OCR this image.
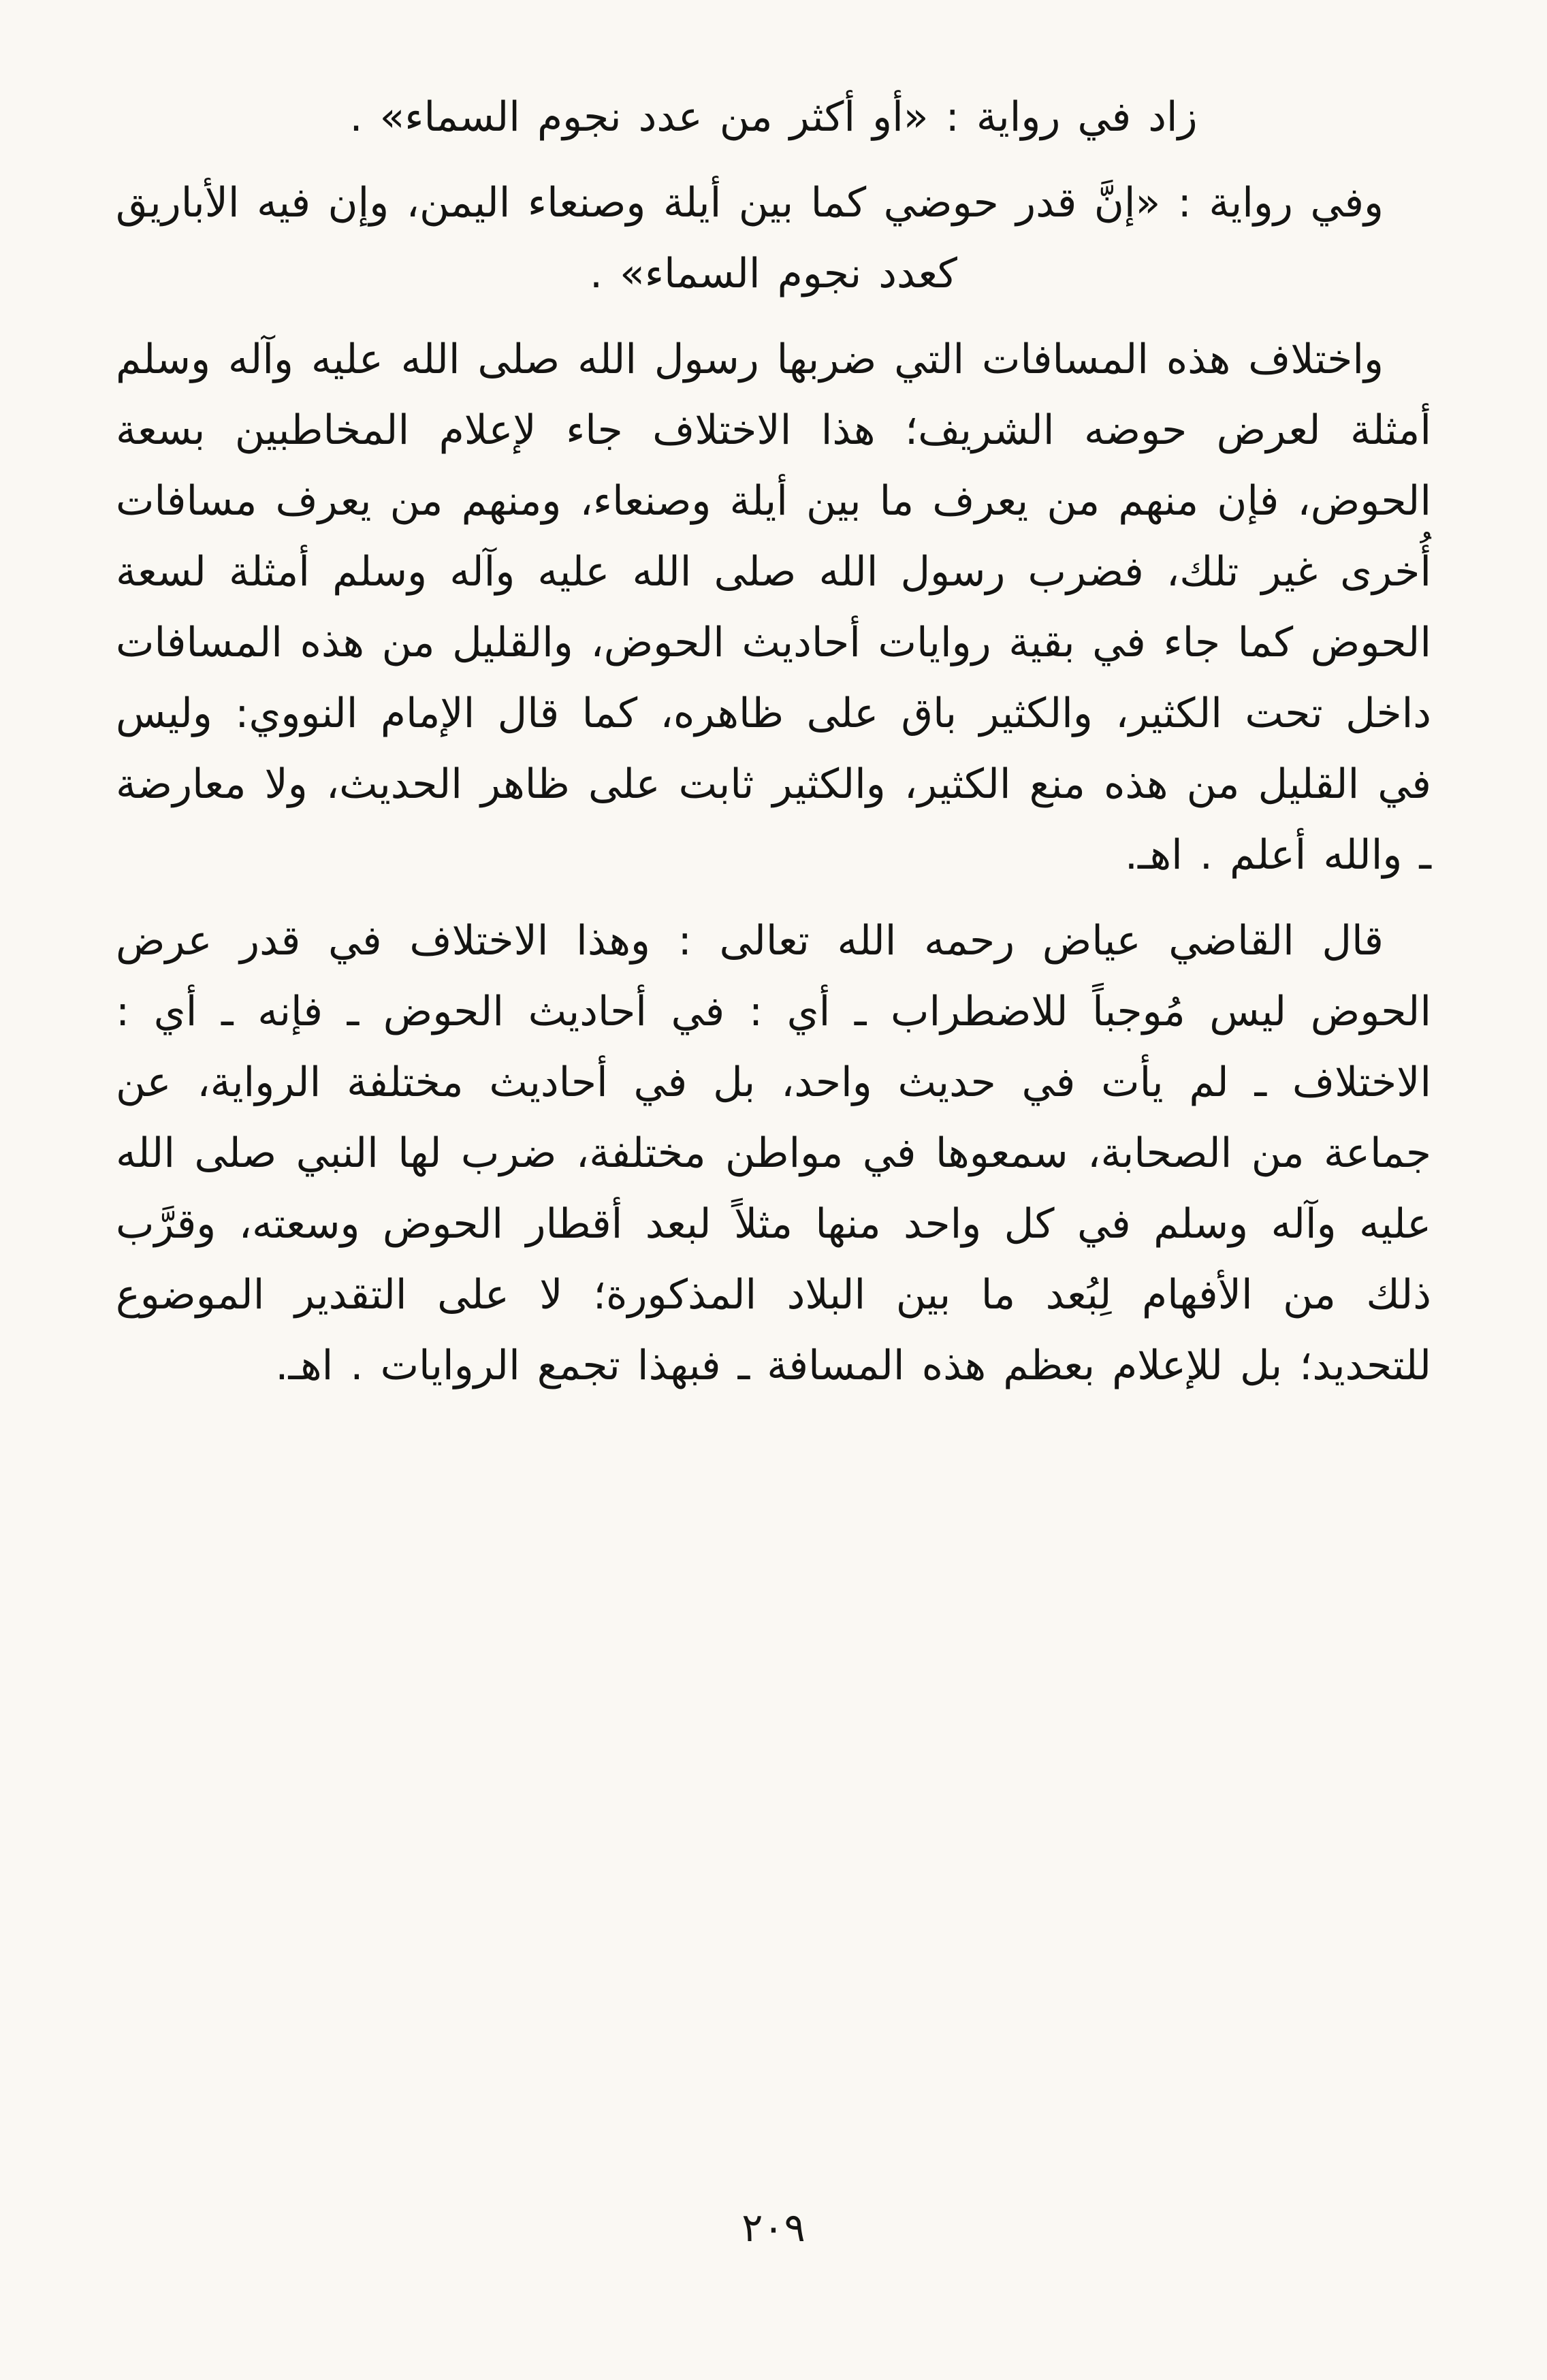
زاد في رواية : «أو أكثر من عدد نجوم السماء» .

وفي رواية : «إنَّ قدر حوضي كما بين أيلة وصنعاء اليمن، وإن فيه الأباريق كعدد نجوم السماء» .

واختلاف هذه المسافات التي ضربها رسول الله صلى الله عليه وآله وسلم أمثلة لعرض حوضه الشريف؛ هذا الاختلاف جاء لإعلام المخاطبين بسعة الحوض، فإن منهم من يعرف ما بين أيلة وصنعاء، ومنهم من يعرف مسافات أُخرى غير تلك، فضرب رسول الله صلى الله عليه وآله وسلم أمثلة لسعة الحوض كما جاء في بقية روايات أحاديث الحوض، والقليل من هذه المسافات داخل تحت الكثير، والكثير باق على ظاهره، كما قال الإمام النووي: وليس في القليل من هذه منع الكثير، والكثير ثابت على ظاهر الحديث، ولا معارضة ـ والله أعلم . اهـ.

قال القاضي عياض رحمه الله تعالى : وهذا الاختلاف في قدر عرض الحوض ليس مُوجباً للاضطراب ـ أي : في أحاديث الحوض ـ فإنه ـ أي : الاختلاف ـ لم يأت في حديث واحد، بل في أحاديث مختلفة الرواية، عن جماعة من الصحابة، سمعوها في مواطن مختلفة، ضرب لها النبي صلى الله عليه وآله وسلم في كل واحد منها مثلاً لبعد أقطار الحوض وسعته، وقرَّب ذلك من الأفهام لِبُعد ما بين البلاد المذكورة؛ لا على التقدير الموضوع للتحديد؛ بل للإعلام بعظم هذه المسافة ـ فبهذا تجمع الروايات . اهـ.

٢٠٩
